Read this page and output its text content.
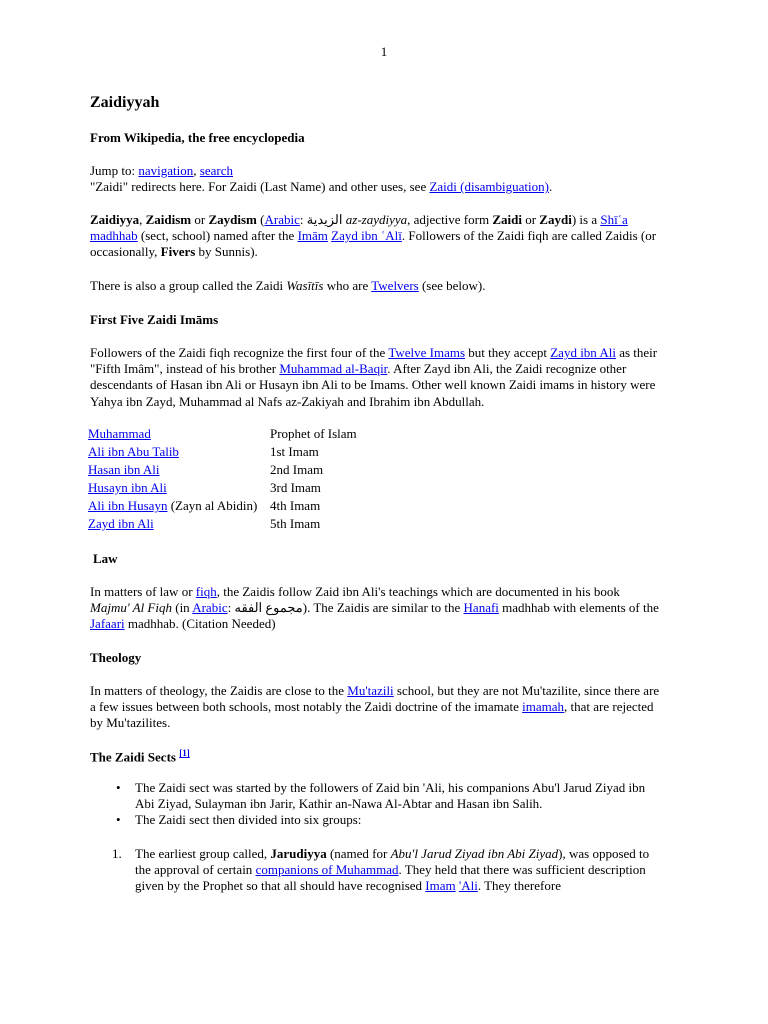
1
Zaidiyyah
From Wikipedia, the free encyclopedia
Jump to: navigation, search
"Zaidi" redirects here. For Zaidi (Last Name) and other uses, see Zaidi (disambiguation).
Zaidiyya, Zaidism or Zaydism (Arabic: الزيدية az-zaydiyya, adjective form Zaidi or Zaydi) is a Shīʿa madhhab (sect, school) named after the Imām Zayd ibn ʿAlī. Followers of the Zaidi fiqh are called Zaidis (or occasionally, Fivers by Sunnis).
There is also a group called the Zaidi Wasītīs who are Twelvers (see below).
First Five Zaidi Imāms
Followers of the Zaidi fiqh recognize the first four of the Twelve Imams but they accept Zayd ibn Ali as their "Fifth Imâm", instead of his brother Muhammad al-Baqir. After Zayd ibn Ali, the Zaidi recognize other descendants of Hasan ibn Ali or Husayn ibn Ali to be Imams. Other well known Zaidi imams in history were Yahya ibn Zayd, Muhammad al Nafs az-Zakiyah and Ibrahim ibn Abdullah.
Muhammad	Prophet of Islam
Ali ibn Abu Talib	1st Imam
Hasan ibn Ali	2nd Imam
Husayn ibn Ali	3rd Imam
Ali ibn Husayn (Zayn al Abidin)	4th Imam
Zayd ibn Ali	5th Imam
Law
In matters of law or fiqh, the Zaidis follow Zaid ibn Ali's teachings which are documented in his book Majmu' Al Fiqh (in Arabic: مجموع الفقه). The Zaidis are similar to the Hanafi madhhab with elements of the Jafaari madhhab. (Citation Needed)
Theology
In matters of theology, the Zaidis are close to the Mu'tazili school, but they are not Mu'tazilite, since there are a few issues between both schools, most notably the Zaidi doctrine of the imamate imamah, that are rejected by Mu'tazilites.
The Zaidi Sects [1]
• The Zaidi sect was started by the followers of Zaid bin 'Ali, his companions Abu'l Jarud Ziyad ibn Abi Ziyad, Sulayman ibn Jarir, Kathir an-Nawa Al-Abtar and Hasan ibn Salih.
• The Zaidi sect then divided into six groups:
1. The earliest group called, Jarudiyya (named for Abu'l Jarud Ziyad ibn Abi Ziyad), was opposed to the approval of certain companions of Muhammad. They held that there was sufficient description given by the Prophet so that all should have recognised Imam 'Ali. They therefore
